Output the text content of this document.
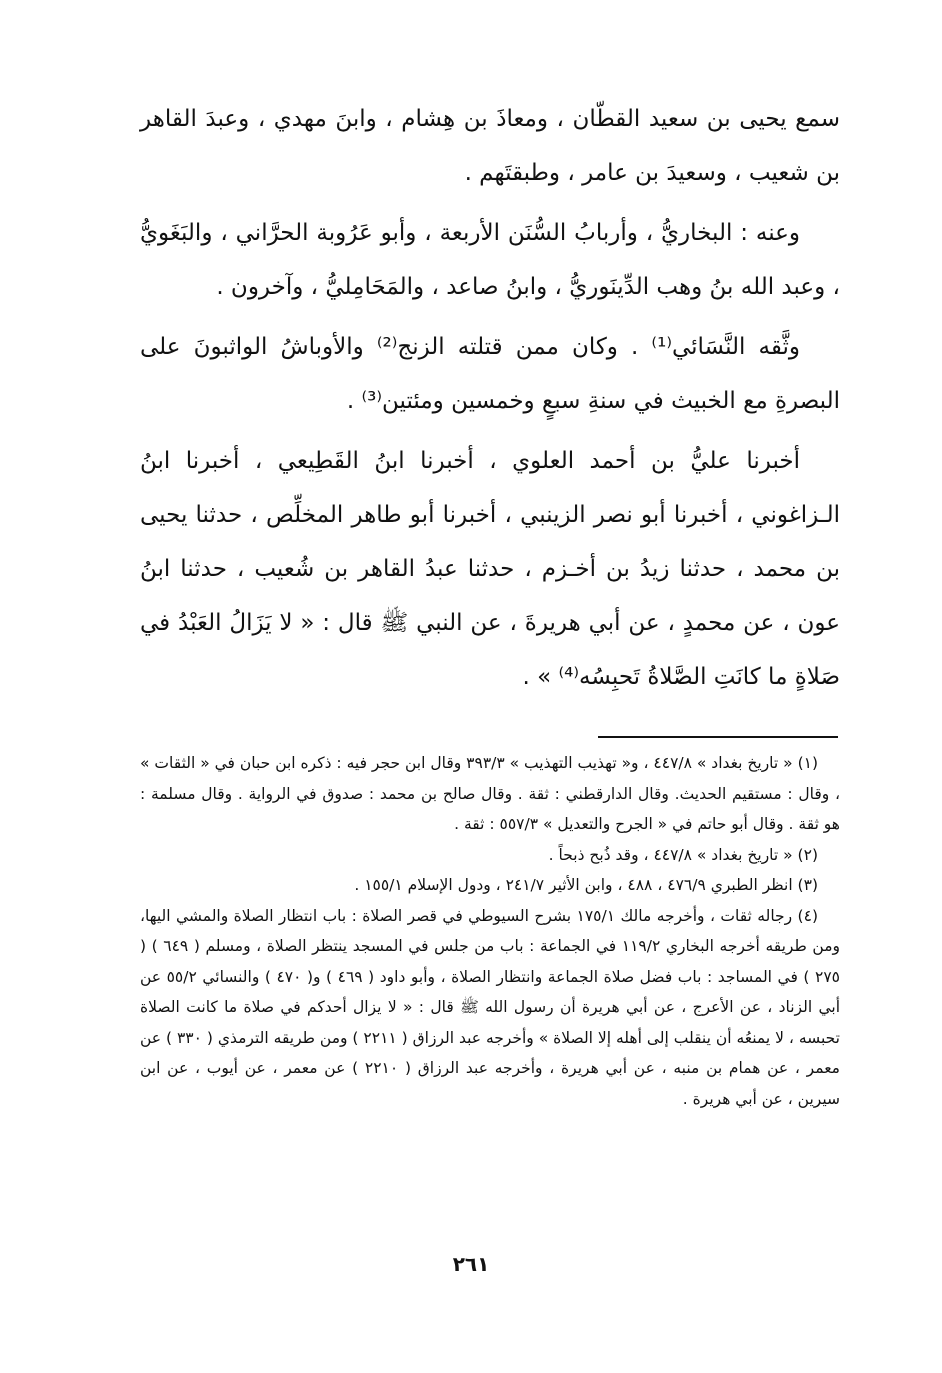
سمع يحيى بن سعيد القطّان ، ومعاذَ بن هِشام ، وابنَ مهدي ، وعبدَ القاهر بن شعيب ، وسعيدَ بن عامر ، وطبقتَهم .

وعنه : البخاريُّ ، وأربابُ السُّنَن الأربعة ، وأبو عَرُوبة الحرَّاني ، والبَغَويُّ ، وعبد الله بنُ وهب الدِّينَوريُّ ، وابنُ صاعد ، والمَحَامِليُّ ، وآخرون .

وثَّقه النَّسَائي⁽¹⁾ . وكان ممن قتلته الزنج⁽²⁾ والأوباشُ الواثبونَ على البصرةِ مع الخبيث في سنةِ سبعٍ وخمسين ومئتين⁽³⁾ .

أخبرنا عليُّ بن أحمد العلوي ، أخبرنا ابنُ القَطِيعي ، أخبرنا ابنُ الـزاغوني ، أخبرنا أبو نصر الزينبي ، أخبرنا أبو طاهر المخلِّص ، حدثنا يحيى بن محمد ، حدثنا زيدُ بن أخـزم ، حدثنا عبدُ القاهر بن شُعيب ، حدثنا ابنُ عون ، عن محمدٍ ، عن أبي هريرةَ ، عن النبي ﷺ قال : « لا يَزَالُ العَبْدُ في صَلاةٍ ما كانَتِ الصَّلاةُ تَحبِسُه⁽⁴⁾ » .

(١) « تاريخ بغداد » ٤٤٧/٨ ، و« تهذيب التهذيب » ٣٩٣/٣ وقال ابن حجر فيه : ذكره ابن حبان في « الثقات » ، وقال : مستقيم الحديث. وقال الدارقطني : ثقة . وقال صالح بن محمد : صدوق في الرواية . وقال مسلمة : هو ثقة . وقال أبو حاتم في « الجرح والتعديل » ٥٥٧/٣ : ثقة .

(٢) « تاريخ بغداد » ٤٤٧/٨ ، وقد ذُبح ذبحاً .

(٣) انظر الطبري ٤٧٦/٩ ، ٤٨٨ ، وابن الأثير ٢٤١/٧ ، ودول الإسلام ١٥٥/١ .

(٤) رجاله ثقات ، وأخرجه مالك ١٧٥/١ بشرح السيوطي في قصر الصلاة : باب انتظار الصلاة والمشي اليها، ومن طريقه أخرجه البخاري ١١٩/٢ في الجماعة : باب من جلس في المسجد ينتظر الصلاة ، ومسلم ( ٦٤٩ ) ( ٢٧٥ ) في المساجد : باب فضل صلاة الجماعة وانتظار الصلاة ، وأبو داود ( ٤٦٩ ) و( ٤٧٠ ) والنسائي ٥٥/٢ عن أبي الزناد ، عن الأعرج ، عن أبي هريرة أن رسول الله ﷺ قال : « لا يزال أحدكم في صلاة ما كانت الصلاة تحبسه ، لا يمنعُه أن ينقلب إلى أهله إلا الصلاة » وأخرجه عبد الرزاق ( ٢٢١١ ) ومن طريقه الترمذي ( ٣٣٠ ) عن معمر ، عن همام بن منبه ، عن أبي هريرة ، وأخرجه عبد الرزاق ( ٢٢١٠ ) عن معمر ، عن أيوب ، عن ابن سيرين ، عن أبي هريرة .

٢٦١
